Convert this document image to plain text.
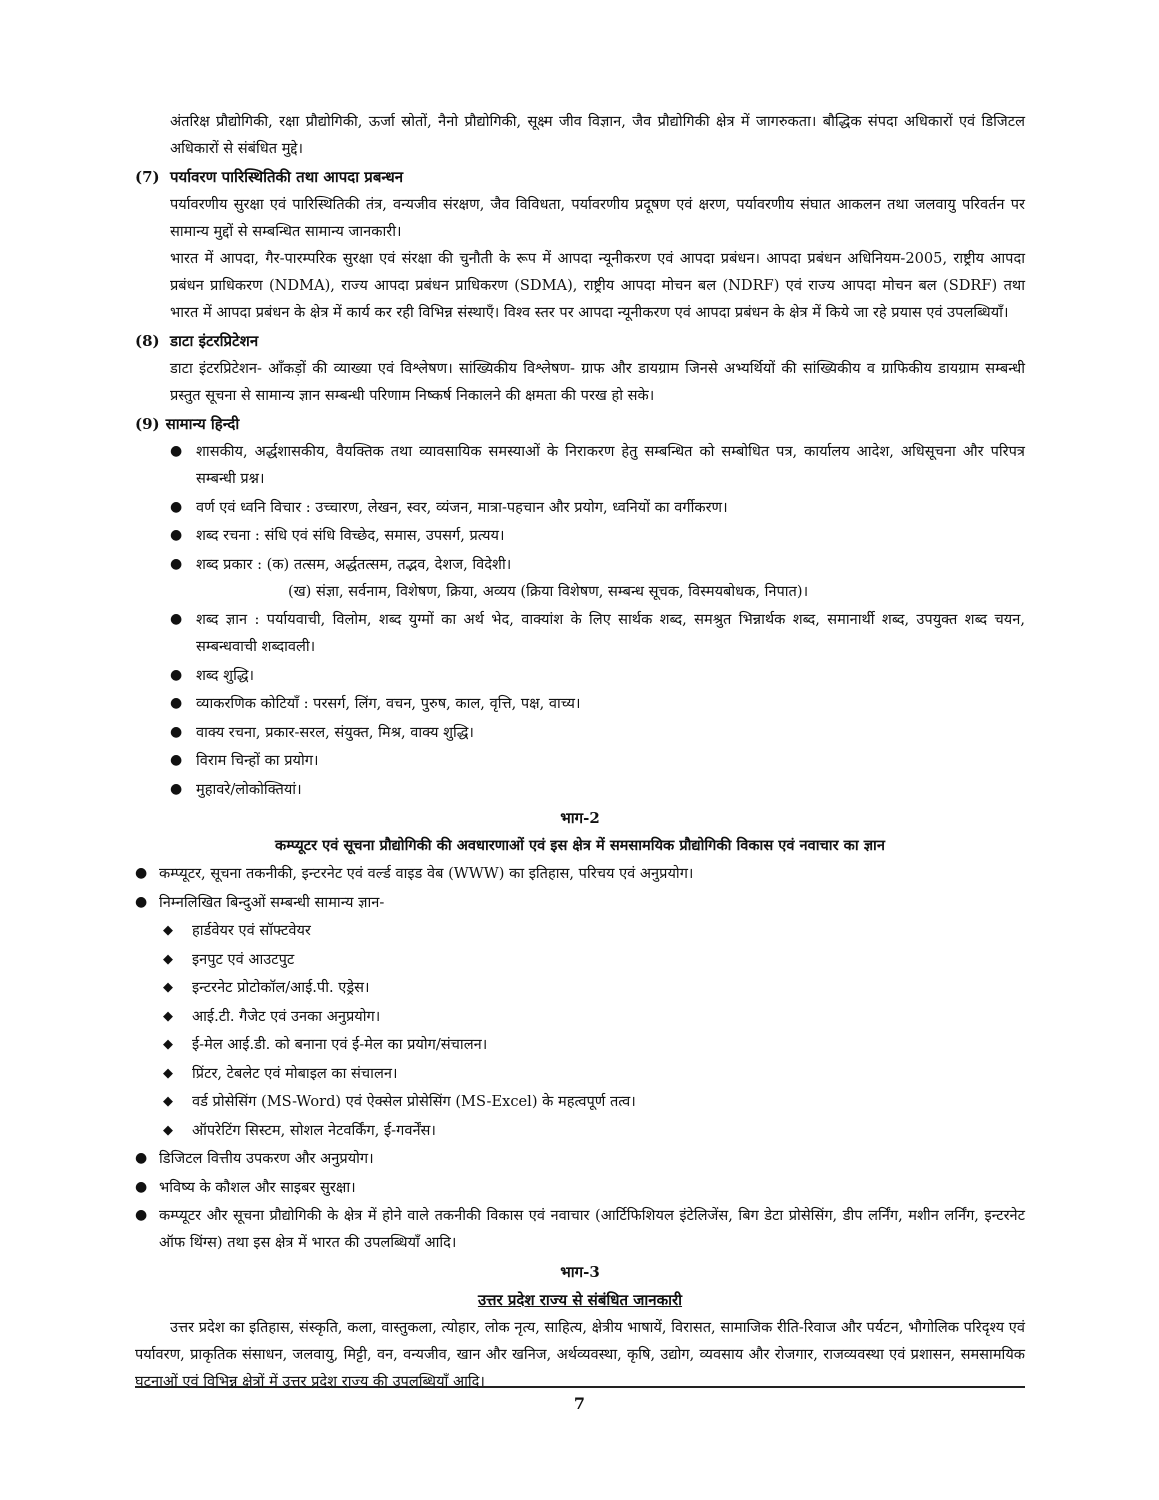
अंतरिक्ष प्रौद्योगिकी, रक्षा प्रौद्योगिकी, ऊर्जा स्रोतों, नैनो प्रौद्योगिकी, सूक्ष्म जीव विज्ञान, जैव प्रौद्योगिकी क्षेत्र में जागरुकता। बौद्धिक संपदा अधिकारों एवं डिजिटल अधिकारों से संबंधित मुद्दे।

(7) पर्यावरण पारिस्थितिकी तथा आपदा प्रबन्धन

पर्यावरणीय सुरक्षा एवं पारिस्थितिकी तंत्र, वन्यजीव संरक्षण, जैव विविधता, पर्यावरणीय प्रदूषण एवं क्षरण, पर्यावरणीय संघात आकलन तथा जलवायु परिवर्तन पर सामान्य मुद्दों से सम्बन्धित सामान्य जानकारी।

भारत में आपदा, गैर-पारम्परिक सुरक्षा एवं संरक्षा की चुनौती के रूप में आपदा न्यूनीकरण एवं आपदा प्रबंधन। आपदा प्रबंधन अधिनियम-2005, राष्ट्रीय आपदा प्रबंधन प्राधिकरण (NDMA), राज्य आपदा प्रबंधन प्राधिकरण (SDMA), राष्ट्रीय आपदा मोचन बल (NDRF) एवं राज्य आपदा मोचन बल (SDRF) तथा भारत में आपदा प्रबंधन के क्षेत्र में कार्य कर रही विभिन्न संस्थाएँ। विश्व स्तर पर आपदा न्यूनीकरण एवं आपदा प्रबंधन के क्षेत्र में किये जा रहे प्रयास एवं उपलब्धियाँ।

(8) डाटा इंटरप्रिटेशन

डाटा इंटरप्रिटेशन- आँकड़ों की व्याख्या एवं विश्लेषण। सांख्यिकीय विश्लेषण- ग्राफ और डायग्राम जिनसे अभ्यर्थियों की सांख्यिकीय व ग्राफिकीय डायग्राम सम्बन्धी प्रस्तुत सूचना से सामान्य ज्ञान सम्बन्धी परिणाम निष्कर्ष निकालने की क्षमता की परख हो सके।

(9) सामान्य हिन्दी
● शासकीय, अर्द्धशासकीय, वैयक्तिक तथा व्यावसायिक समस्याओं के निराकरण हेतु सम्बन्धित को सम्बोधित पत्र, कार्यालय आदेश, अधिसूचना और परिपत्र सम्बन्धी प्रश्न।
● वर्ण एवं ध्वनि विचार : उच्चारण, लेखन, स्वर, व्यंजन, मात्रा-पहचान और प्रयोग, ध्वनियों का वर्गीकरण।
● शब्द रचना : संधि एवं संधि विच्छेद, समास, उपसर्ग, प्रत्यय।
● शब्द प्रकार : (क) तत्सम, अर्द्धतत्सम, तद्भव, देशज, विदेशी।
(ख) संज्ञा, सर्वनाम, विशेषण, क्रिया, अव्यय (क्रिया विशेषण, सम्बन्ध सूचक, विस्मयबोधक, निपात)।
● शब्द ज्ञान : पर्यायवाची, विलोम, शब्द युग्मों का अर्थ भेद, वाक्यांश के लिए सार्थक शब्द, समश्रुत भिन्नार्थक शब्द, समानार्थी शब्द, उपयुक्त शब्द चयन, सम्बन्धवाची शब्दावली।
● शब्द शुद्धि।
● व्याकरणिक कोटियाँ : परसर्ग, लिंग, वचन, पुरुष, काल, वृत्ति, पक्ष, वाच्य।
● वाक्य रचना, प्रकार-सरल, संयुक्त, मिश्र, वाक्य शुद्धि।
● विराम चिन्हों का प्रयोग।
● मुहावरे/लोकोक्तियां।
भाग-2
कम्प्यूटर एवं सूचना प्रौद्योगिकी की अवधारणाओं एवं इस क्षेत्र में समसामयिक प्रौद्योगिकी विकास एवं नवाचार का ज्ञान
● कम्प्यूटर, सूचना तकनीकी, इन्टरनेट एवं वर्ल्ड वाइड वेब (WWW) का इतिहास, परिचय एवं अनुप्रयोग।
● निम्नलिखित बिन्दुओं सम्बन्धी सामान्य ज्ञान-
◆	हार्डवेयर एवं सॉफ्टवेयर
◆	इनपुट एवं आउटपुट
◆	इन्टरनेट प्रोटोकॉल/आई.पी. एड्रेस।
◆	आई.टी. गैजेट एवं उनका अनुप्रयोग।
◆	ई-मेल आई.डी. को बनाना एवं ई-मेल का प्रयोग/संचालन।
◆	प्रिंटर, टेबलेट एवं मोबाइल का संचालन।
◆	वर्ड प्रोसेसिंग (MS-Word) एवं ऐक्सेल प्रोसेसिंग (MS-Excel) के महत्वपूर्ण तत्व।
◆	ऑपरेटिंग सिस्टम, सोशल नेटवर्किंग, ई-गवर्नेंस।
● डिजिटल वित्तीय उपकरण और अनुप्रयोग।
● भविष्य के कौशल और साइबर सुरक्षा।
● कम्प्यूटर और सूचना प्रौद्योगिकी के क्षेत्र में होने वाले तकनीकी विकास एवं नवाचार (आर्टिफिशियल इंटेलिजेंस, बिग डेटा प्रोसेसिंग, डीप लर्निंग, मशीन लर्निंग, इन्टरनेट ऑफ थिंग्स) तथा इस क्षेत्र में भारत की उपलब्धियाँ आदि।
भाग-3
उत्तर प्रदेश राज्य से संबंधित जानकारी

उत्तर प्रदेश का इतिहास, संस्कृति, कला, वास्तुकला, त्योहार, लोक नृत्य, साहित्य, क्षेत्रीय भाषायें, विरासत, सामाजिक रीति-रिवाज और पर्यटन, भौगोलिक परिदृश्य एवं पर्यावरण, प्राकृतिक संसाधन, जलवायु, मिट्टी, वन, वन्यजीव, खान और खनिज, अर्थव्यवस्था, कृषि, उद्योग, व्यवसाय और रोजगार, राजव्यवस्था एवं प्रशासन, समसामयिक घटनाओं एवं विभिन्न क्षेत्रों में उत्तर प्रदेश राज्य की उपलब्धियाँ आदि।

7
